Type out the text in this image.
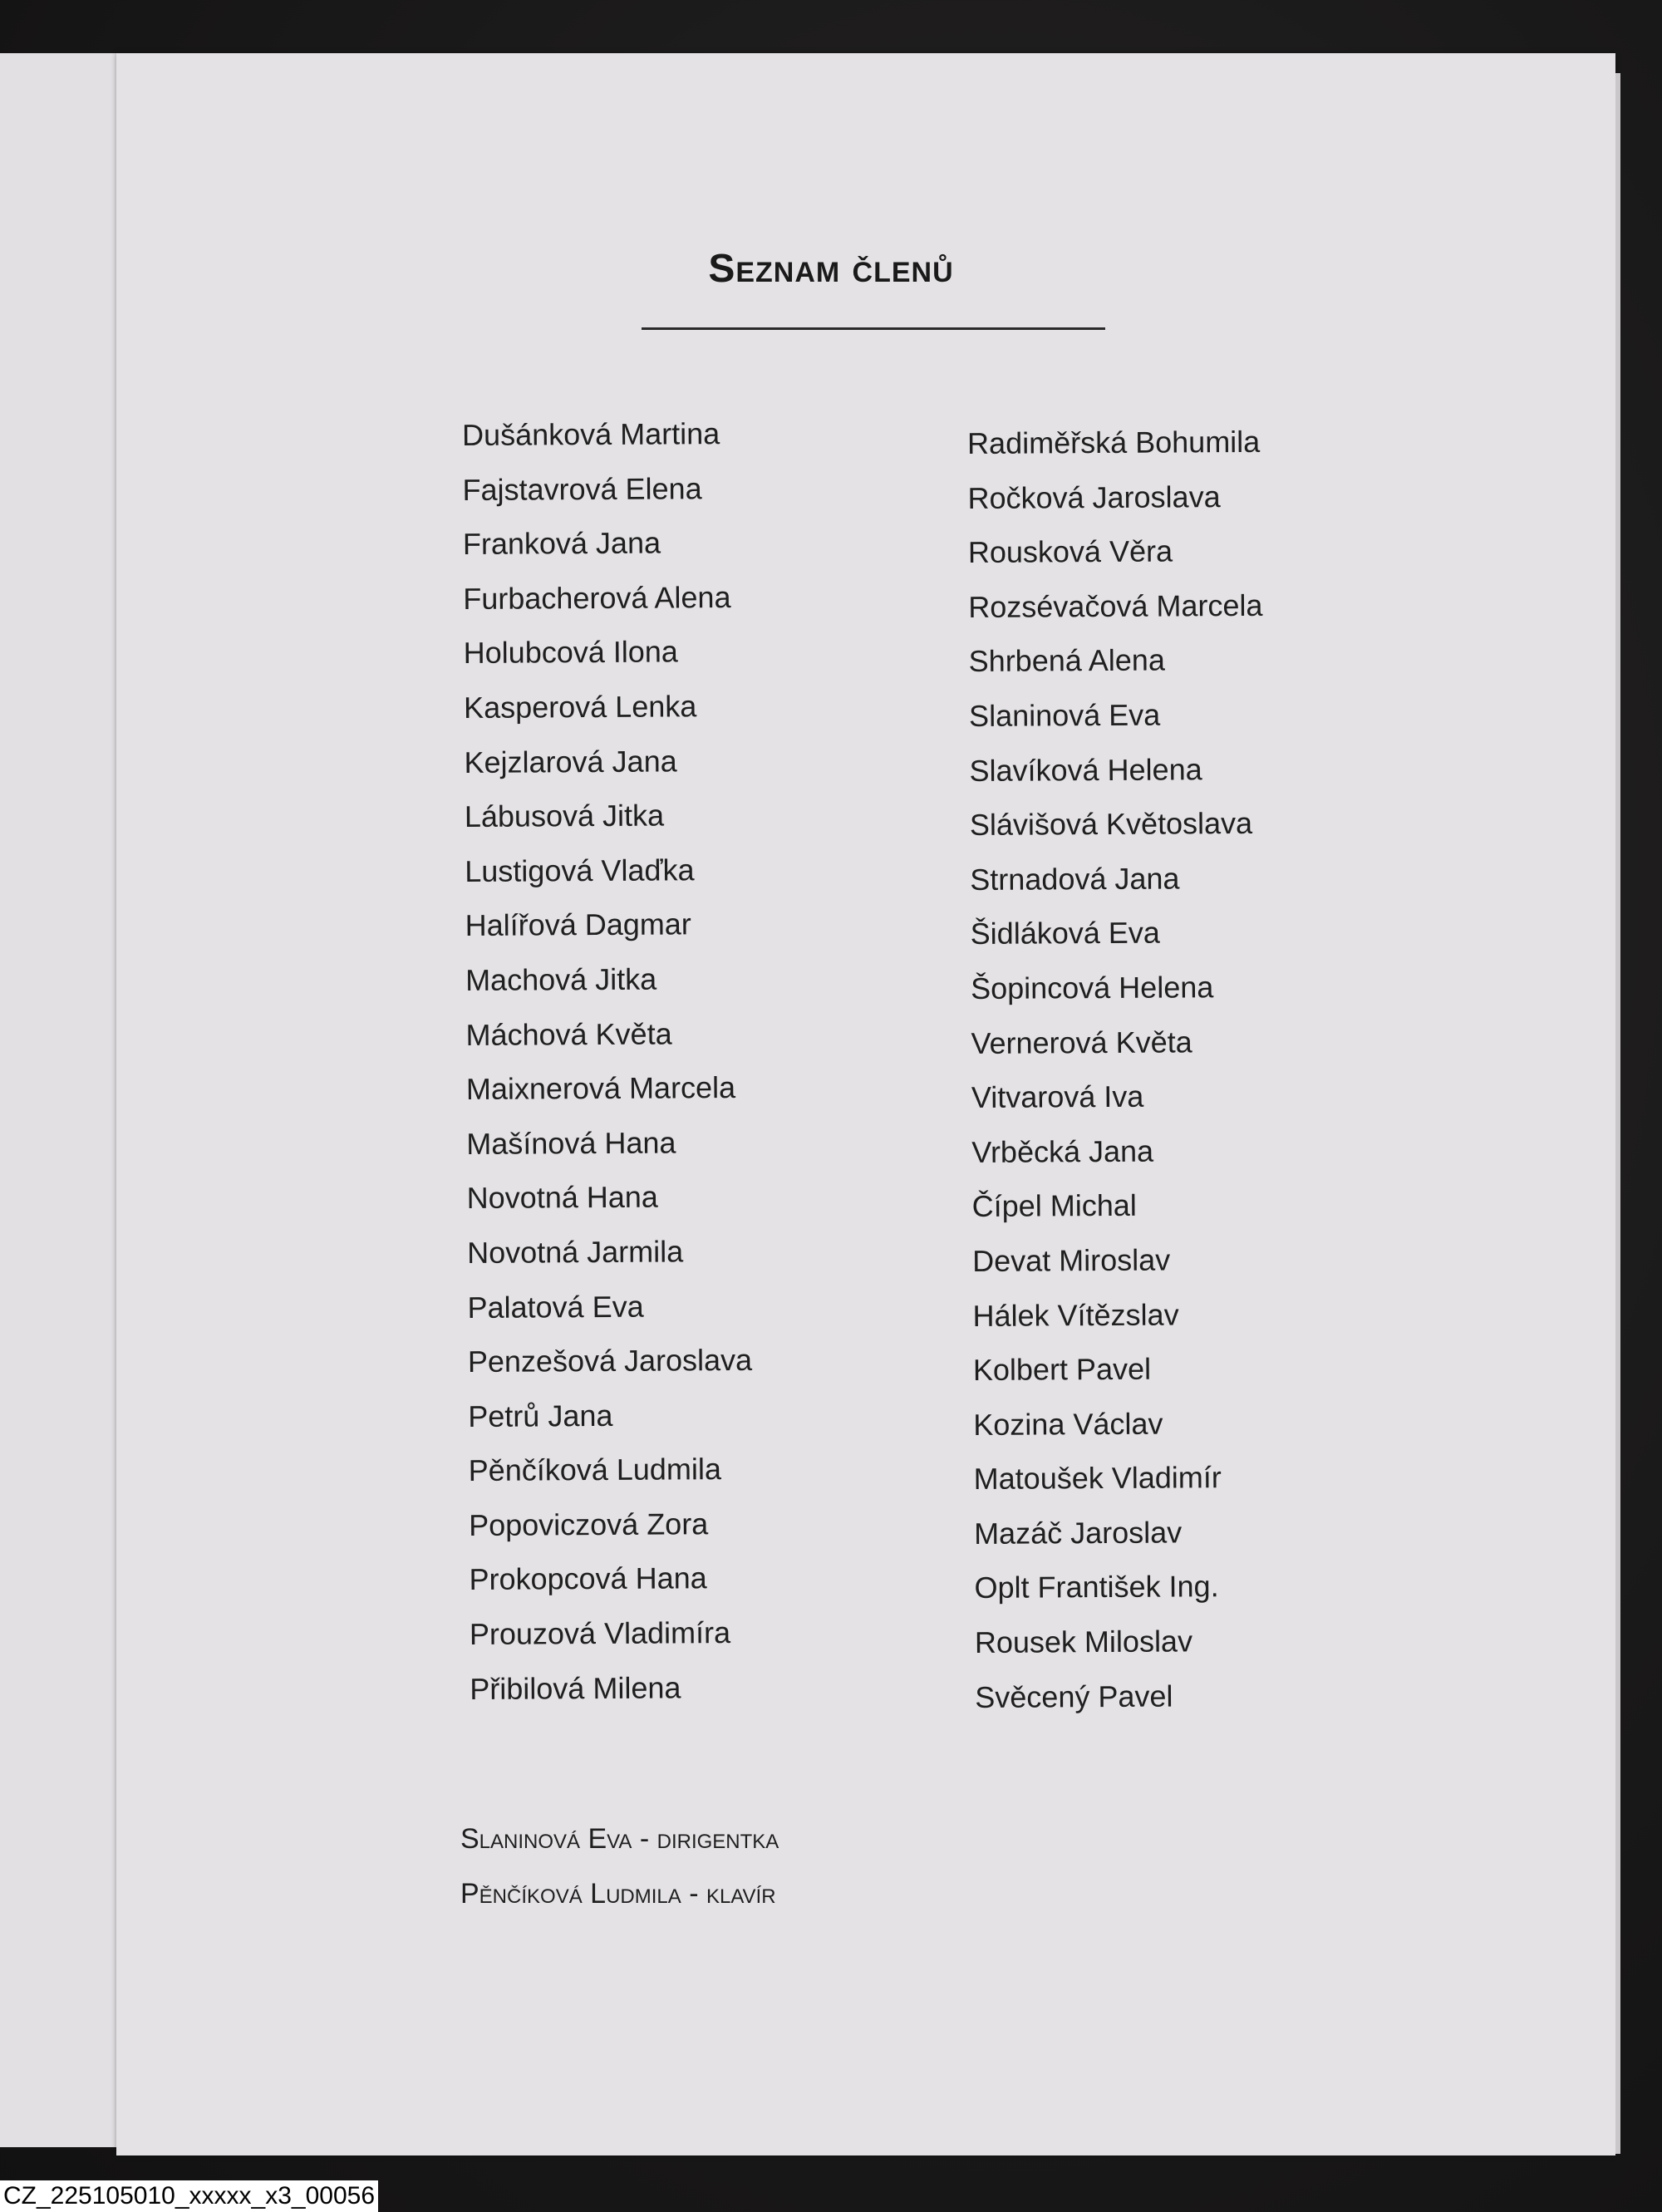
Seznam členů
Dušánková Martina
Fajstavrová Elena
Franková Jana
Furbacherová Alena
Holubcová Ilona
Kasperová Lenka
Kejzlarová Jana
Lábusová Jitka
Lustigová Vlaďka
Halířová Dagmar
Machová Jitka
Máchová Květa
Maixnerová Marcela
Mašínová Hana
Novotná Hana
Novotná Jarmila
Palatová Eva
Penzešová Jaroslava
Petrů Jana
Pěnčíková Ludmila
Popoviczová Zora
Prokopcová Hana
Prouzová Vladimíra
Přibilová Milena
Radiměřská Bohumila
Ročková Jaroslava
Rousková Věra
Rozsévačová Marcela
Shrbená Alena
Slaninová Eva
Slavíková Helena
Slávišová Květoslava
Strnadová Jana
Šidláková Eva
Šopincová Helena
Vernerová Květa
Vitvarová Iva
Vrběcká Jana
Čípel Michal
Devat Miroslav
Hálek Vítězslav
Kolbert Pavel
Kozina Václav
Matoušek Vladimír
Mazáč Jaroslav
Oplt František Ing.
Rousek Miloslav
Svěcený Pavel
Slaninová Eva - dirigentka
Pěnčíková Ludmila - klavír
CZ_225105010_xxxxx_x3_00056
